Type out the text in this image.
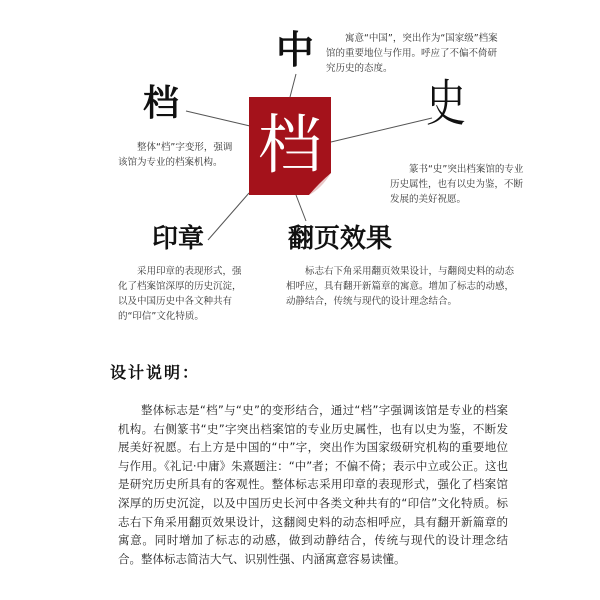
档
中
档	史
印章	翻页效果
寓意“中国”，突出作为“国家级”档案馆的重要地位与作用。呼应了不偏不倚研究历史的态度。
整体“档”字变形，强调该馆为专业的档案机构。
篆书“史”突出档案馆的专业历史属性，也有以史为鉴，不断发展的美好祝愿。
采用印章的表现形式，强化了档案馆深厚的历史沉淀，以及中国历史中各文种共有的“印信”文化特质。
标志右下角采用翻页效果设计，与翻阅史料的动态相呼应，具有翻开新篇章的寓意。增加了标志的动感，动静结合，传统与现代的设计理念结合。
设计说明：
整体标志是“档”与“史”的变形结合，通过“档”字强调该馆是专业的档案机构。右侧篆书“史”字突出档案馆的专业历史属性，也有以史为鉴，不断发展美好祝愿。右上方是中国的“中”字，突出作为国家级研究机构的重要地位与作用。《礼记·中庸》朱熹题注：“中”者；不偏不倚；表示中立或公正。这也是研究历史所具有的客观性。整体标志采用印章的表现形式，强化了档案馆深厚的历史沉淀，以及中国历史长河中各类文种共有的“印信”文化特质。标志右下角采用翻页效果设计，这翻阅史料的动态相呼应，具有翻开新篇章的寓意。同时增加了标志的动感，做到动静结合，传统与现代的设计理念结合。整体标志简洁大气、识别性强、内涵寓意容易读懂。
